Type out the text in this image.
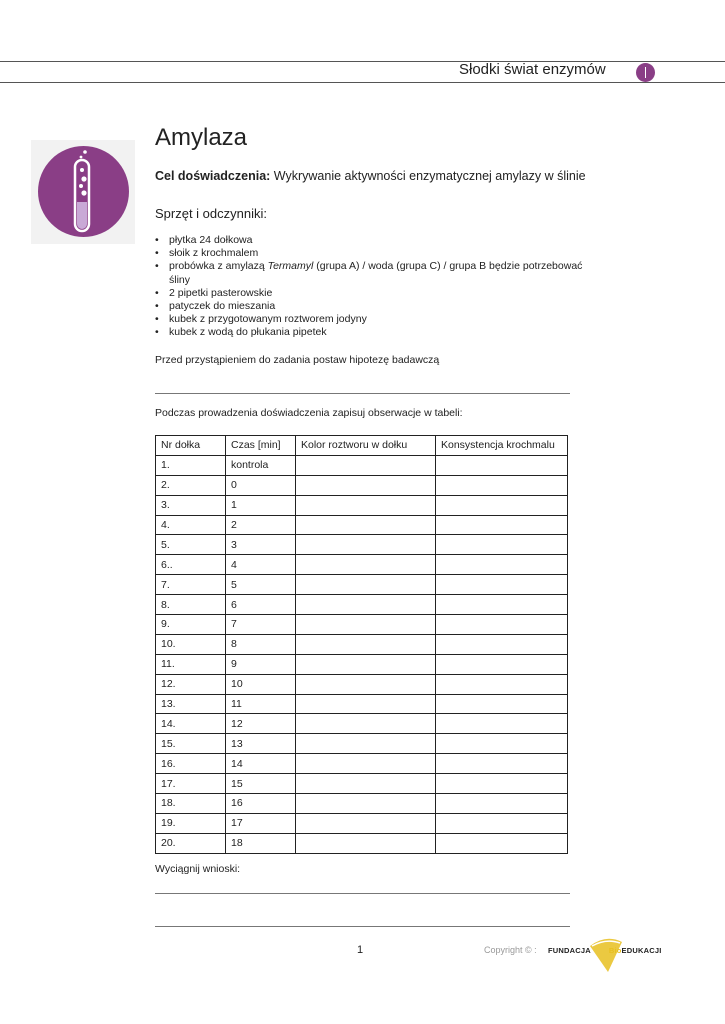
Słodki świat enzymów
Amylaza
Cel doświadczenia: Wykrywanie aktywności enzymatycznej amylazy w ślinie
Sprzęt i odczynniki:
• płytka 24 dołkowa
• słoik z krochmalem
• probówka z amylazą Termamyl (grupa A) / woda (grupa C) / grupa B będzie potrzebować śliny
• 2 pipetki pasterowskie
• patyczek do mieszania
• kubek z przygotowanym roztworem jodyny
• kubek z wodą do płukania pipetek
Przed przystąpieniem do zadania postaw hipotezę badawczą
Podczas prowadzenia doświadczenia zapisuj obserwacje w tabeli:
Nr dołka	Czas [min]	Kolor roztworu w dołku	Konsystencja krochmalu
1.	kontrola		
2.	0		
3.	1		
4.	2		
5.	3		
6..	4		
7.	5		
8.	6		
9.	7		
10.	8		
11.	9		
12.	10		
13.	11		
14.	12		
15.	13		
16.	14		
17.	15		
18.	16		
19.	17		
20.	18		
Wyciągnij wnioski:
1	Copyright © : FUNDACJA BioEDUKACJI
